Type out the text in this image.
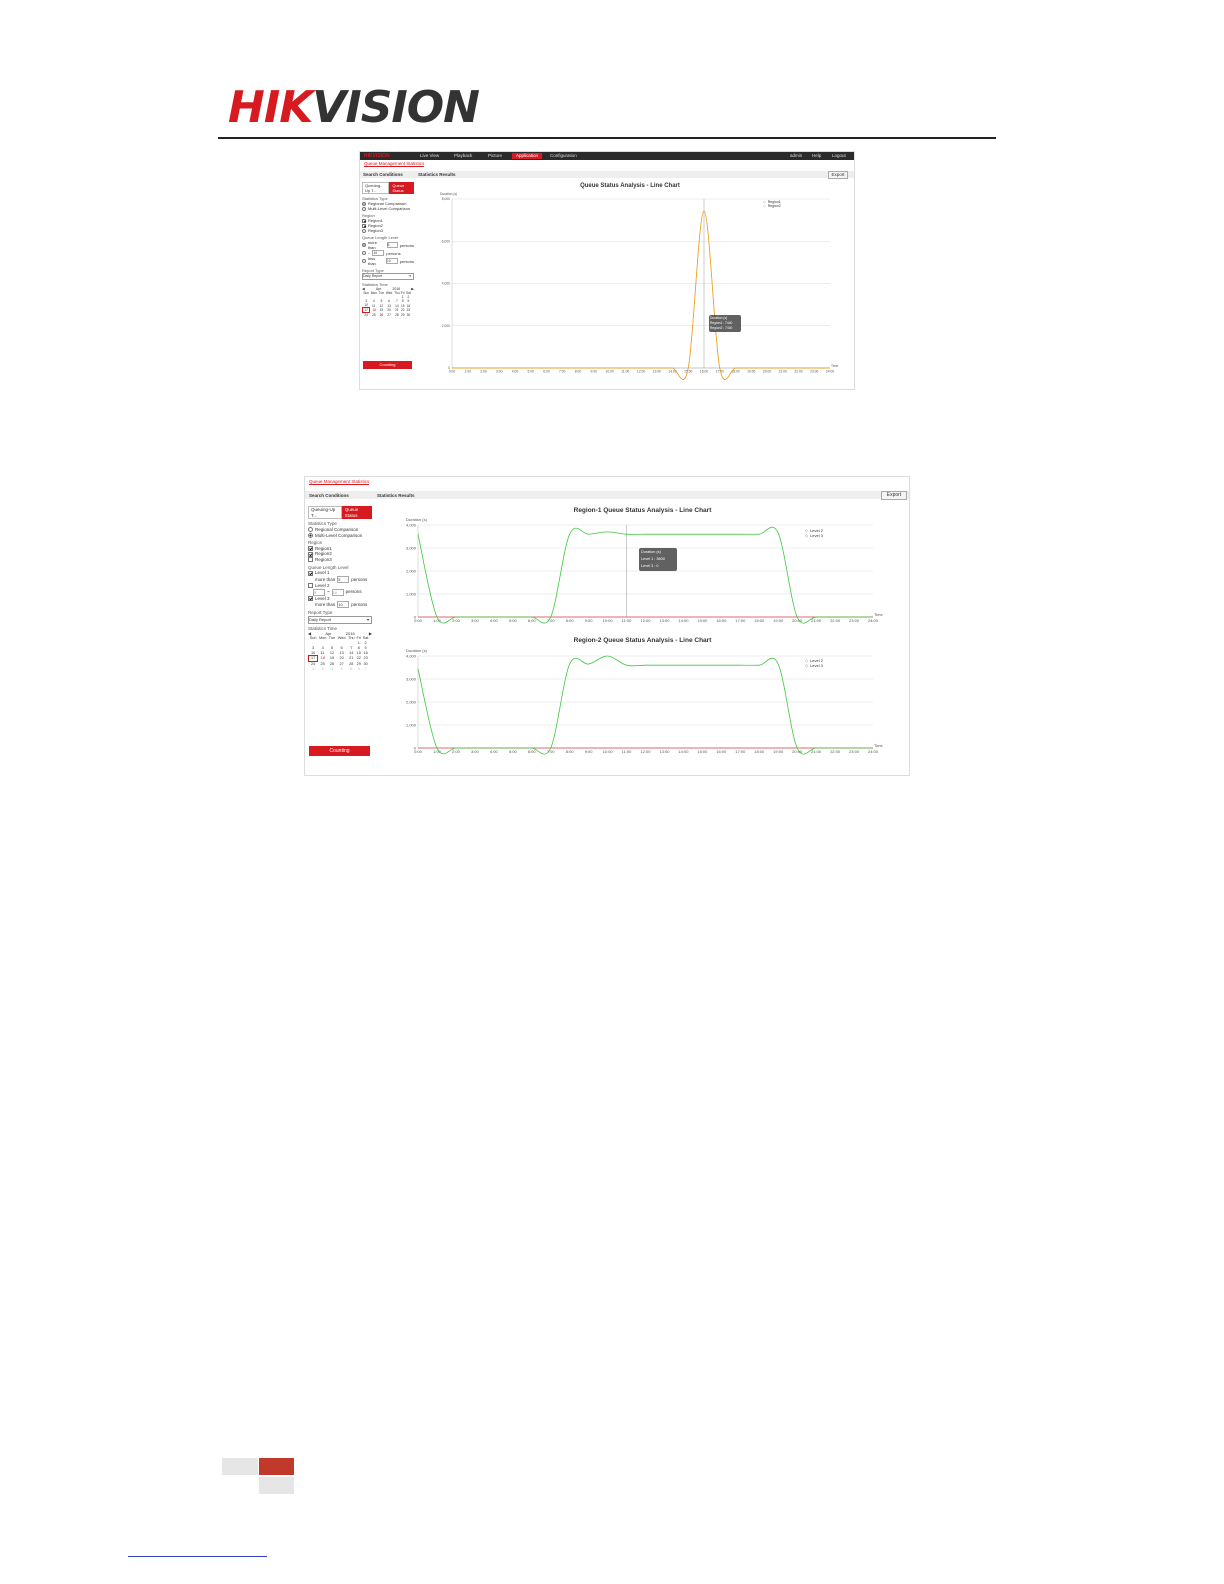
HIKVISION
HIKVISION	Live View	Playback	Picture	Application	Configuration	admin Help Logout
Queue Management Statistics
Search Conditions	Statistics Results	Export
Queuing-Up T...
Queue Status
Statistics Type
Regional Comparison
Multi-Level Comparison
Region
Region1
Region2
Region3
Queue Length Level
more than	5	persons
~ 10	persons
less than	10	persons
Report Type
Daily Report ▾
Statistics Time
◀	Apr	2016	▶
Sun	Mon	Tue	Wed	Thu	Fri	Sat
					1	2
3	4	5	6	7	8	9
10	11	12	13	14	15	16
17	18	19	20	21	22	23
24	25	26	27	28	29	30
Counting
Queue Status Analysis - Line Chart
Duration (s)
0
2,000
4,000
6,000
8,000
0:00	1:00	2:00	3:00	4:00	5:00	6:00	7:00	8:00	9:00	10:00 11:00 12:00 13:00 14:00 15:00 16:00 17:00 18:00 19:00 20:00 21:00 22:00 23:00 24:00
Time
◇ Region1
◇ Region2
Duration (s)
Region1 : 7440
Region2 : 7440
Queue Management Statistics
Search Conditions	Statistics Results	Export
Queuing-Up T...
Queue Status
Statistics Type
Regional Comparison
Multi-Level Comparison
Region
Region1
Region2
Region3
Queue Length Level
Level 1
more than 5	persons
Level 2
5	~ 10	persons
Level 3
more than 10	persons
Report Type
Daily Report ▾
Statistics Time
◀	Apr	2016	▶
Sun	Mon	Tue	Wed	Thu	Fri	Sat
					1	2
3	4	5	6	7	8	9
10	11	12	13	14	15	16
17	18	19	20	21	22	23
24	25	26	27	28	29	30
1	2	3	4	5	6	7
Counting
Region-1 Queue Status Analysis - Line Chart
Duration (s)
0
1,000
2,000
3,000
4,000
0:00	1:00	2:00	3:00	4:00	5:00	6:00	7:00	8:00	9:00	10:00 11:00 12:00 13:00 14:00 15:00 16:00 17:00 18:00 19:00 20:00 21:00 22:00 23:00 24:00
Time
◇ Level 2
◇ Level 3
Duration (s)
Level 1 : 3600
Level 3 : 0
Region-2 Queue Status Analysis - Line Chart
Duration (s)
0
1,000
2,000
3,000
4,000
0:00	1:00	2:00	3:00	4:00	5:00	6:00	7:00	8:00	9:00	10:00 11:00 12:00 13:00 14:00 15:00 16:00 17:00 18:00 19:00 20:00 21:00 22:00 23:00 24:00
Time
◇ Level 2
◇ Level 3
